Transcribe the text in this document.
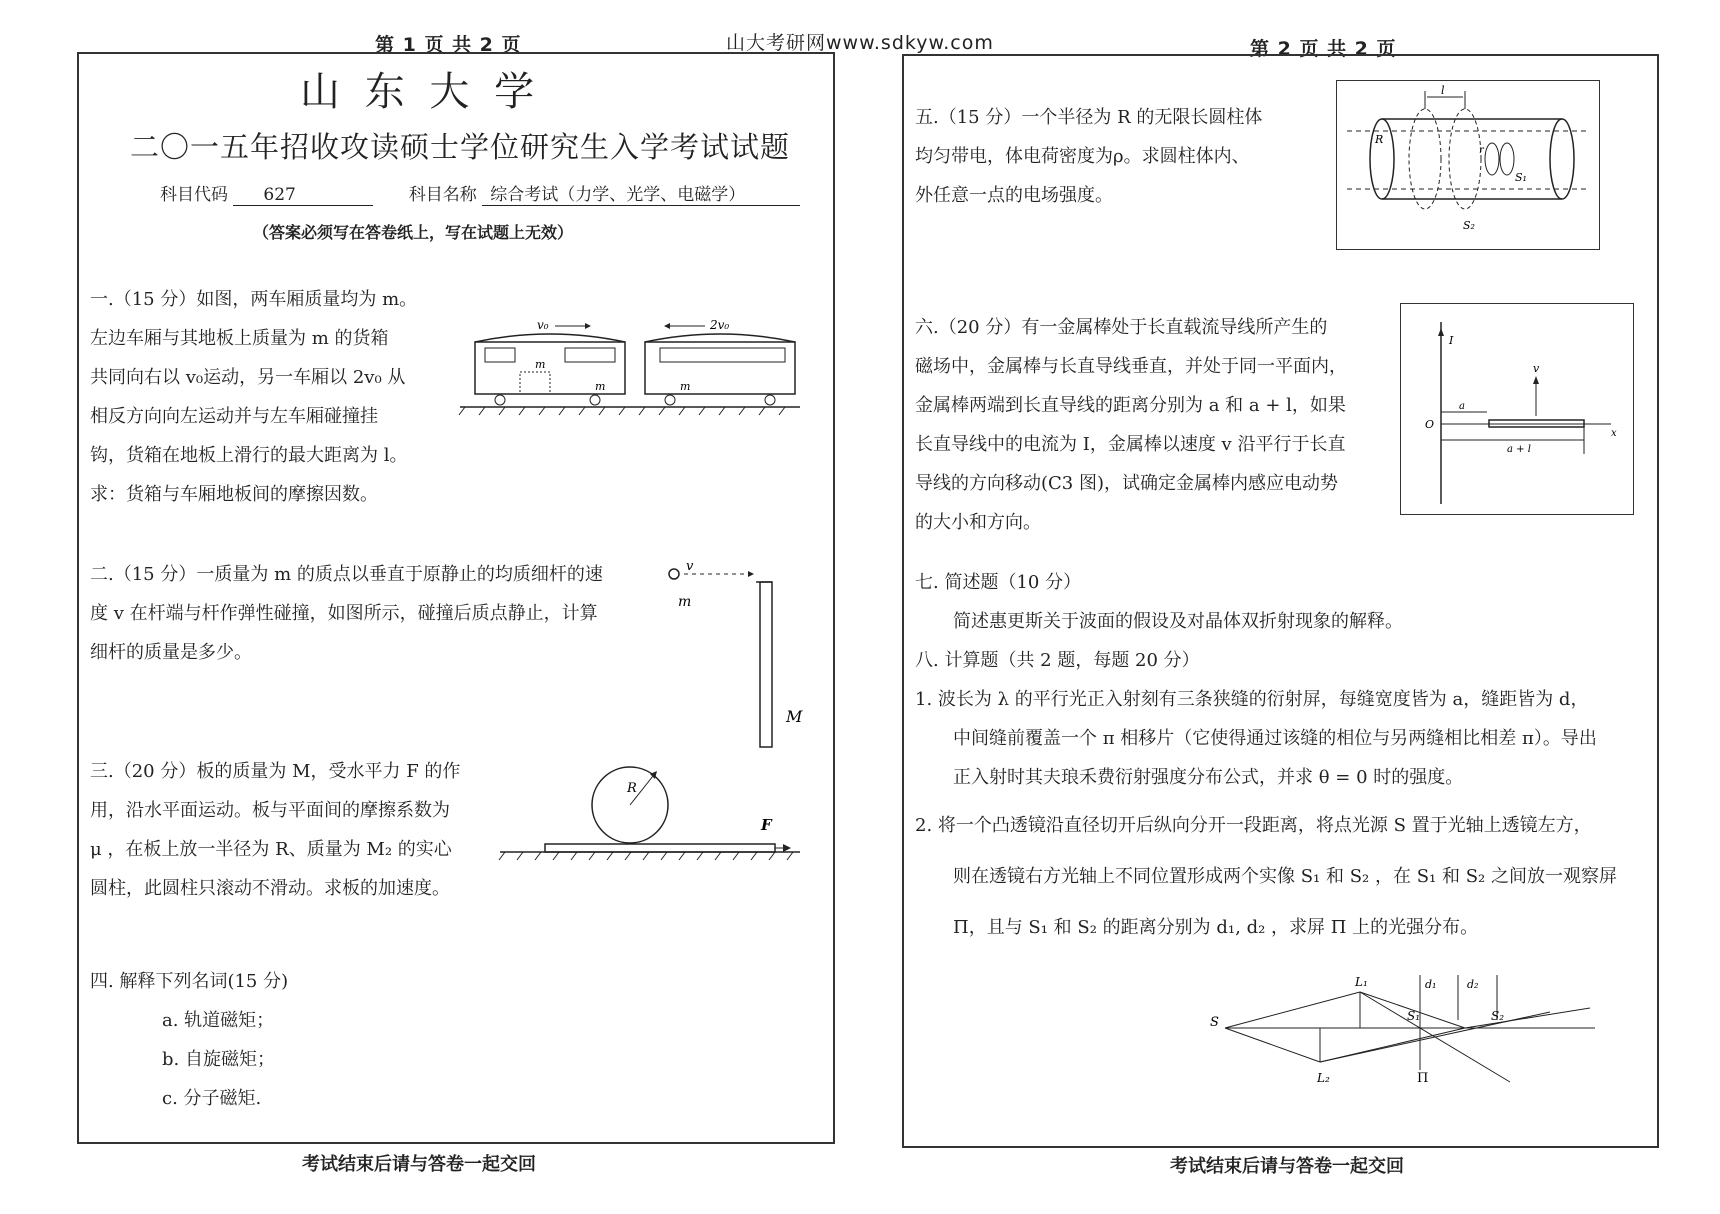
第 1 页 共 2 页	山大考研网www.sdkyw.com	第 2 页 共 2 页
山 东 大 学
二〇一五年招收攻读硕士学位研究生入学考试试题
科目代码 627	科目名称 综合考试（力学、光学、电磁学）
（答案必须写在答卷纸上，写在试题上无效）
一.（15 分）如图，两车厢质量均为 m。
左边车厢与其地板上质量为 m 的货箱
共同向右以 v₀运动，另一车厢以 2v₀ 从
相反方向向左运动并与左车厢碰撞挂
钩，货箱在地板上滑行的最大距离为 l。
求：货箱与车厢地板间的摩擦因数。
v₀	2v₀
m
m	m
二.（15 分）一质量为 m 的质点以垂直于原静止的均质细杆的速
度 v 在杆端与杆作弹性碰撞，如图所示，碰撞后质点静止，计算
细杆的质量是多少。
v
m
M
三.（20 分）板的质量为 M，受水平力 F 的作
用，沿水平面运动。板与平面间的摩擦系数为
μ ，在板上放一半径为 R、质量为 M₂ 的实心
圆柱，此圆柱只滚动不滑动。求板的加速度。
R
F
四. 解释下列名词(15 分)
a. 轨道磁矩；
b. 自旋磁矩；
c. 分子磁矩.
考试结束后请与答卷一起交回
五.（15 分）一个半径为 R 的无限长圆柱体
均匀带电，体电荷密度为ρ。求圆柱体内、
外任意一点的电场强度。
l
R
r
S₁
S₂
六.（20 分）有一金属棒处于长直载流导线所产生的
磁场中，金属棒与长直导线垂直，并处于同一平面内，
金属棒两端到长直导线的距离分别为 a 和 a + l，如果
长直导线中的电流为 I，金属棒以速度 v 沿平行于长直
导线的方向移动(C3 图)，试确定金属棒内感应电动势
的大小和方向。
I
v
O
a
a + l
x
七. 简述题（10 分）
简述惠更斯关于波面的假设及对晶体双折射现象的解释。
八. 计算题（共 2 题，每题 20 分）
1. 波长为 λ 的平行光正入射刻有三条狭缝的衍射屏，每缝宽度皆为 a，缝距皆为 d，
中间缝前覆盖一个 π 相移片（它使得通过该缝的相位与另两缝相比相差 π）。导出
正入射时其夫琅禾费衍射强度分布公式，并求 θ = 0 时的强度。
2. 将一个凸透镜沿直径切开后纵向分开一段距离，将点光源 S 置于光轴上透镜左方，
则在透镜右方光轴上不同位置形成两个实像 S₁ 和 S₂ ，在 S₁ 和 S₂ 之间放一观察屏
Π，且与 S₁ 和 S₂ 的距离分别为 d₁, d₂ ，求屏 Π 上的光强分布。
S
L₁
L₂
S₁	S₂
d₁	d₂
Π
考试结束后请与答卷一起交回
